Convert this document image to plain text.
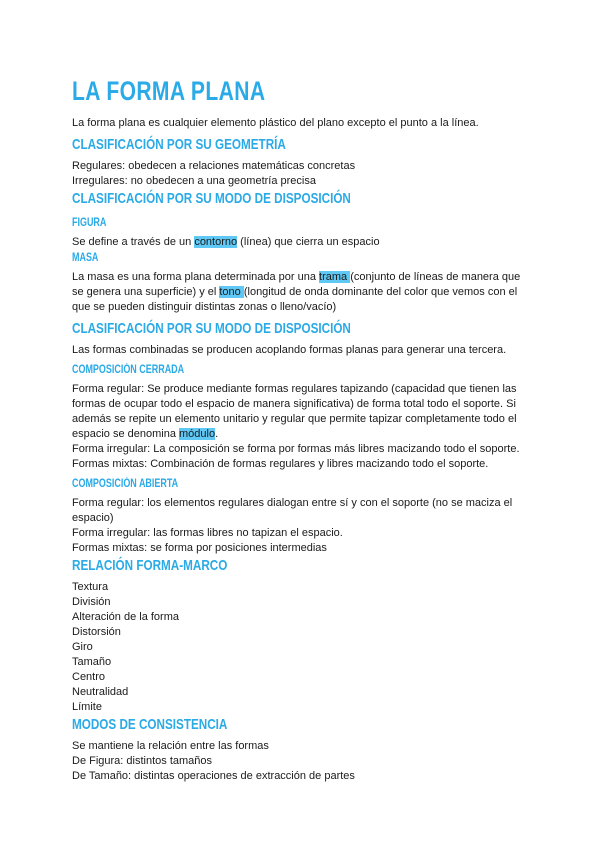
LA FORMA PLANA

La forma plana es cualquier elemento plástico del plano excepto el punto a la línea.

CLASIFICACIÓN POR SU GEOMETRÍA

Regulares: obedecen a relaciones matemáticas concretas

Irregulares: no obedecen a una geometría precisa

CLASIFICACIÓN POR SU MODO DE DISPOSICIÓN
FIGURA

Se define a través de un contorno (línea) que cierra un espacio

MASA

La masa es una forma plana determinada por una trama (conjunto de líneas de manera que se genera una superficie) y el tono (longitud de onda dominante del color que vemos con el que se pueden distinguir distintas zonas o lleno/vacío)

CLASIFICACIÓN POR SU MODO DE DISPOSICIÓN

Las formas combinadas se producen acoplando formas planas para generar una tercera.

COMPOSICIÓN CERRADA

Forma regular: Se produce mediante formas regulares tapizando (capacidad que tienen las formas de ocupar todo el espacio de manera significativa) de forma total todo el soporte. Si además se repite un elemento unitario y regular que permite tapizar completamente todo el espacio se denomina módulo.

Forma irregular: La composición se forma por formas más libres macizando todo el soporte.

Formas mixtas: Combinación de formas regulares y libres macizando todo el soporte.

COMPOSICIÓN ABIERTA

Forma regular: los elementos regulares dialogan entre sí y con el soporte (no se maciza el espacio)

Forma irregular: las formas libres no tapizan el espacio.

Formas mixtas: se forma por posiciones intermedias

RELACIÓN FORMA-MARCO

Textura

División

Alteración de la forma

Distorsión

Giro

Tamaño

Centro

Neutralidad

Límite

MODOS DE CONSISTENCIA

Se mantiene la relación entre las formas

De Figura: distintos tamaños

De Tamaño: distintas operaciones de extracción de partes
